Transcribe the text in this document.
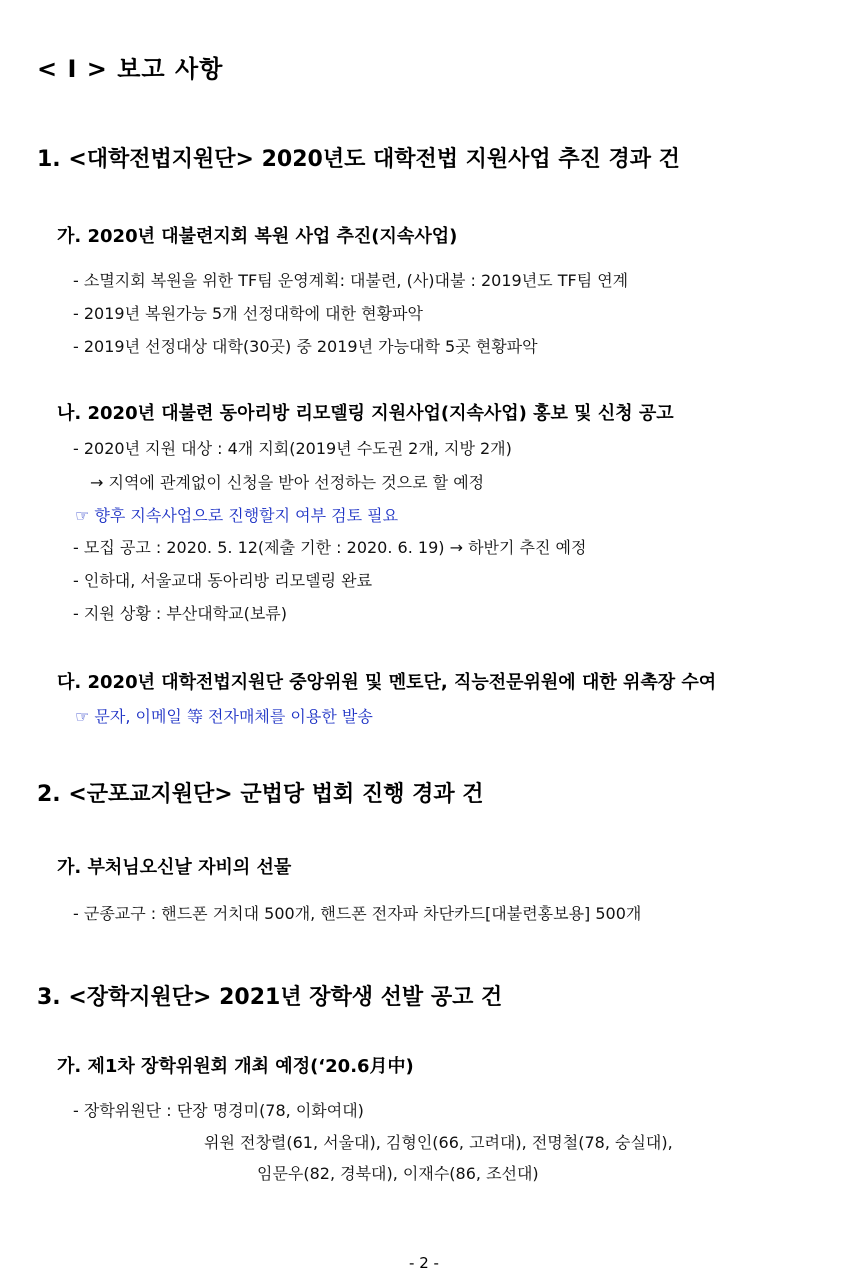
< I > 보고 사항
1. <대학전법지원단> 2020년도 대학전법 지원사업 추진 경과 건
가. 2020년 대불련지회 복원 사업 추진(지속사업)
- 소멸지회 복원을 위한 TF팀 운영계획: 대불련, (사)대불 : 2019년도 TF팀 연계
- 2019년 복원가능 5개 선정대학에 대한 현황파악
- 2019년 선정대상 대학(30곳) 중 2019년 가능대학 5곳 현황파악
나. 2020년 대불련 동아리방 리모델링 지원사업(지속사업) 홍보 및 신청 공고
- 2020년 지원 대상 : 4개 지회(2019년 수도권 2개, 지방 2개)
→ 지역에 관계없이 신청을 받아 선정하는 것으로 할 예정
☞ 향후 지속사업으로 진행할지 여부 검토 필요
- 모집 공고 : 2020. 5. 12(제출 기한 : 2020. 6. 19) → 하반기 추진 예정
- 인하대, 서울교대 동아리방 리모델링 완료
- 지원 상황 : 부산대학교(보류)
다. 2020년 대학전법지원단 중앙위원 및 멘토단, 직능전문위원에 대한 위촉장 수여
☞ 문자, 이메일 等 전자매체를 이용한 발송
2. <군포교지원단> 군법당 법회 진행 경과 건
가. 부처님오신날 자비의 선물
- 군종교구 : 핸드폰 거치대 500개, 핸드폰 전자파 차단카드[대불련홍보용] 500개
3. <장학지원단> 2021년 장학생 선발 공고 건
가. 제1차 장학위원회 개최 예정(‘20.6月中)
- 장학위원단 : 단장 명경미(78, 이화여대)
위원 전창렬(61, 서울대), 김형인(66, 고려대), 전명철(78, 숭실대),
임문우(82, 경북대), 이재수(86, 조선대)
- 2 -
